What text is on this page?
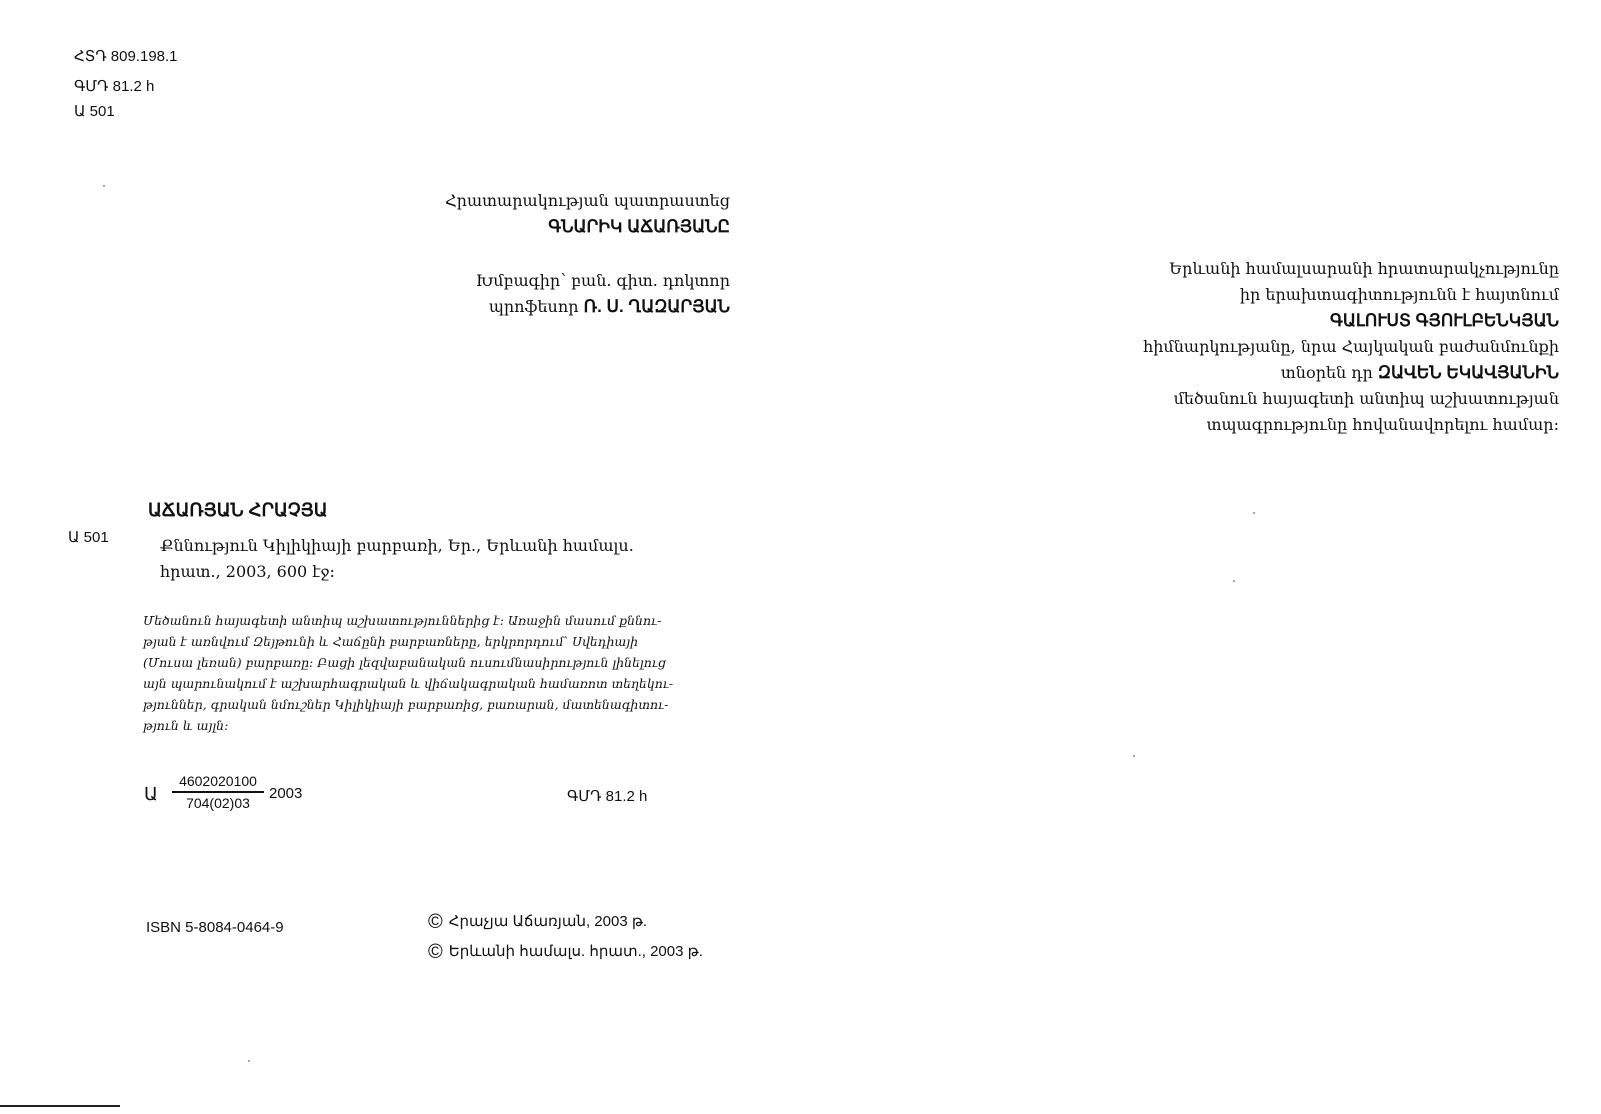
ՀՏԴ 809.198.1
ԳՄԴ 81.2 h
Ա 501
Հրատարակության պատրաստեց
ԳՆԱՐԻԿ ԱՃԱՌՅԱՆԸ
Խմբագիր՝ բան. գիտ. դոկտոր
պրոֆեսոր Ռ. Ս. ՂԱԶԱՐՅԱՆ
Երևանի համալսարանի հրատարակչությունը
իր երախտագիտությունն է հայտնում
ԳԱԼՈՒՍՏ ԳՅՈՒԼԲԵՆԿՅԱՆ
հիմնարկությանը, նրա Հայկական բաժանմունքի
տնօրեն դր ԶԱՎԵՆ ԵԿԱՎՅԱՆԻՆ
մեծանուն հայագետի անտիպ աշխատության
տպագրությունը հովանավորելու համար:
ԱՃԱՌՅԱՆ ՀՐԱՉՅԱ
Ա 501	Քննություն Կիլիկիայի բարբառի, Եր., Երևանի համալս.
հրատ., 2003, 600 էջ:
Մեծանուն հայագետի անտիպ աշխատություններից է: Առաջին մասում քննու-
թյան է առնվում Զեյթունի և Հաճընի բարբառները, երկրորդում՝ Սվեդիայի
(Մուսա լեռան) բարբառը: Բացի լեզվաբանական ուսումնասիրություն լինելուց
այն պարունակում է աշխարհագրական և վիճակագրական համառոտ տեղեկու-
թյուններ, գրական նմուշներ Կիլիկիայի բարբառից, բառարան, մատենագիտու-
թյուն և այլն:
Ա
4602020100
704(02)03
2003	ԳՄԴ 81.2 h
ISBN 5-8084-0464-9	© Հրաչյա Աճառյան, 2003 թ.
© Երևանի համալս. հրատ., 2003 թ.
